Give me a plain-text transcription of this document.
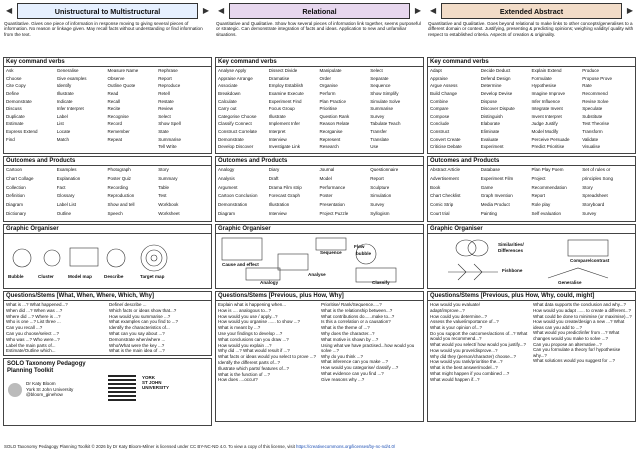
◀	Unistructural to Multistructural	▶
Quantitative. Gives one piece of information in response moving to giving several pieces of information. No reason or linkage given. May recall facts without understanding or find information from the text.
Key command verbs
Ask	Generalise	Measure Name	Rephrase
Choose	Give examples	Observe	Report
Cite Copy	Identify	Outline Quote	Reproduce
Define	Illustrate	Read	Retell
Demonstrate	Indicate	Recall	Restate
Discuss	Infer Interpret	Recite	Review
Duplicate	Label	Recognise	Select
Estimate	List	Record	Show Spell
Express Extend	Locate	Remember	State
Find	Match	Repeat	Summarise
Tell Write
Outcomes and Products
Cartoon	Examples	Photograph	Story
Chart Collage	Explanation	Poster Quiz	Summary
Collection	Fact	Recording	Table
Definition	Glossary	Reproduction	Test
Diagram	Label List	Show and tell	Workbook
Dictionary	Outline	Speech	Worksheet
Graphic Organiser
Bubble	Cluster	Model map	Describe	Target map
Questions/Stems [What, When, Where, Which, Why]
What is ...? What happened...?
When did ...? When was ...?
Where did ...? Where is ...?
Who is one ...? List three ...
Can you recall ...?
Can you choose/select ...?
Who was ...? Who were...?
Label the main parts of...
Estimate/Outline which...
Define/ describe ...
Which facts or ideas show that...?
How would you summarise ...?
What examples can you find to ...?
Identify the characteristics of...
What can you say about ...?
Demonstrate when/where ...
Who/What were the key ...?
What is the main idea of ...?
SOLO Taxonomy Pedagogy Planning Toolkit
Dr Katy Bloom
York St John University
@bloom_ginehow
YORK
ST JOHN
UNIVERSITY
◀	Relational	▶
Quantitative and Qualitative. Show how several pieces of information link together, seems purposeful or strategic. Can demonstrate integration of facts and ideas. Application to new and unfamiliar situations.
Key command verbs
Analyse Apply	Dissect Divide	Manipulate	Select
Appraise Arrange	Dramatise	Order	Separate
Associate	Employ Establish	Organise	Sequence
Breakdown	Examine Execute	Perform	Show Simplify
Calculate	Experiment Find	Plan Practice	Simulate Solve
Carry out	Focus Group	Prioritise	Summarise
Categorise Choose	Illustrate	Question Rank	Survey
Classify Connect	Implement Infer	Reason Relate	Tabulate Teach
Construct Correlate	Interpret	Reorganise	Transfer
Demonstrate	Interview	Represent	Translate
Develop Discover	Investigate Link	Research	Use
Outcomes and Products
Analogy	Diary	Journal	Questionnaire
Analysis	Draft	Model	Report
Argument	Drama Film strip	Performance	Sculpture
Cartoon Conclusion	Forecast Graph	Poster	Simulation
Demonstration	Illustration	Presentation	Survey
Diagram	Interview	Project Puzzle	Syllogism
Graphic Organiser
Cause and effect
Sequence
Flow
bubble
Analogy
Analyse
Classify
Questions/Stems [Previous, plus How, Why]
Explain what is happening when...
How is .... analogous to...?
How would you use / apply...?
How would you organise ...... to show ...?
What is meant by ...?
Use your findings to develop ...?
What conclusions can you draw ...?
How would you explain ...?
Why did ...? What would result if ...?
What facts or ideas would you select to prove ...?
Identify the different parts of...?
Illustrate which parts/ features of...?
What is the function of ...?
How does ....occur?
Prioritise/ Rank/Sequence.....?
What is the relationship between...?
What contributions do......make to...?
Is this a correlation or a causation?
What is the theme of ...?
Why does the character...?
What motive is shown by ...?
Using what we have practised...how would you solve ...?
Why do you think ...?
What inference can you make ...?
How would you categorise/ classify ...?
What evidence can you find ...?
Give reasons why ...?
◀	Extended Abstract	▶
Quantitative and Qualitative. Goes beyond relational to make links to other concepts/generalises to a different domain or context. Justifying, presenting & predicting opinions; weighing validity/ quality with respect to established criteria. Aspects of creation & originality.
Key command verbs
Adapt	Decide Deduct	Explain Extend	Produce
Appraise	Defend Design	Formulate	Propose Prove
Argue Assess	Determine	Hypothesise	Rate
Build Change	Develop Devise	Imagine Improve	Recommend
Combine	Dispose	Infer Influence	Revise Solve
Compare	Discover Dispute	Integrate Invent	Speculate
Compose	Distinguish	Invent Interpret	Substitute
Conclude	Elaborate	Judge Justify	Test Theorise
Construct	Eliminate	Model Modify	Transform
Convert Create	Evaluate	Perceive Persuade	Validate
Criticise Debate	Experiment	Predict Prioritise	Visualise
Outcomes and Products
Abstract Article	Database	Plan Play Poem	Set of rules or
Advertisement	Experiment Film	Project	principles Song
Book	Game	Recommendation	Story
Chart Checklist	Graph Invention	Report	Spreadsheet
Comic Strip	Media Product	Role play	Storyboard
Court trial	Painting	Self evaluation	Survey
Graphic Organiser
Similarities/
Differences
Fishbone
Compare/contrast
Generalise
Questions/Stems [Previous, plus How, Why, could, might]
How would you evaluate/
adapt/improve...?
How could you determine...?
Assess the value/importance of...?
What is your opinion of...?
Do you support the outcomes/actions of...? What would you recommend...?
What would you select/ how would you justify...?
How would you prove/disprove...?
Why did they (person/character) choose...?
How would you rank/prioritise the...?
What is the best answer/model...?
What might happen if you combined ...?
What would happen if...?
What data supports the conclusion and why...?
How would you adapt ...... to create a different...?
What could be done to minimise (or maximise)...?
How would you create/design a new ...? What ideas can you add to ...?
What would you predict/infer from ...? What changes would you make to solve ...?
Can you propose an alternative...?
Can you formulate a theory for/ hypothesise why...?
What solutions would you suggest for ...?
SOLO Taxonomy Pedagogy Planning Toolkit © 2026 by Dr Katy Bloom-Milner is licensed under CC BY-NC-ND 4.0. To view a copy of this license, visit https://creativecommons.org/licenses/by-nc-nd/4.0/
